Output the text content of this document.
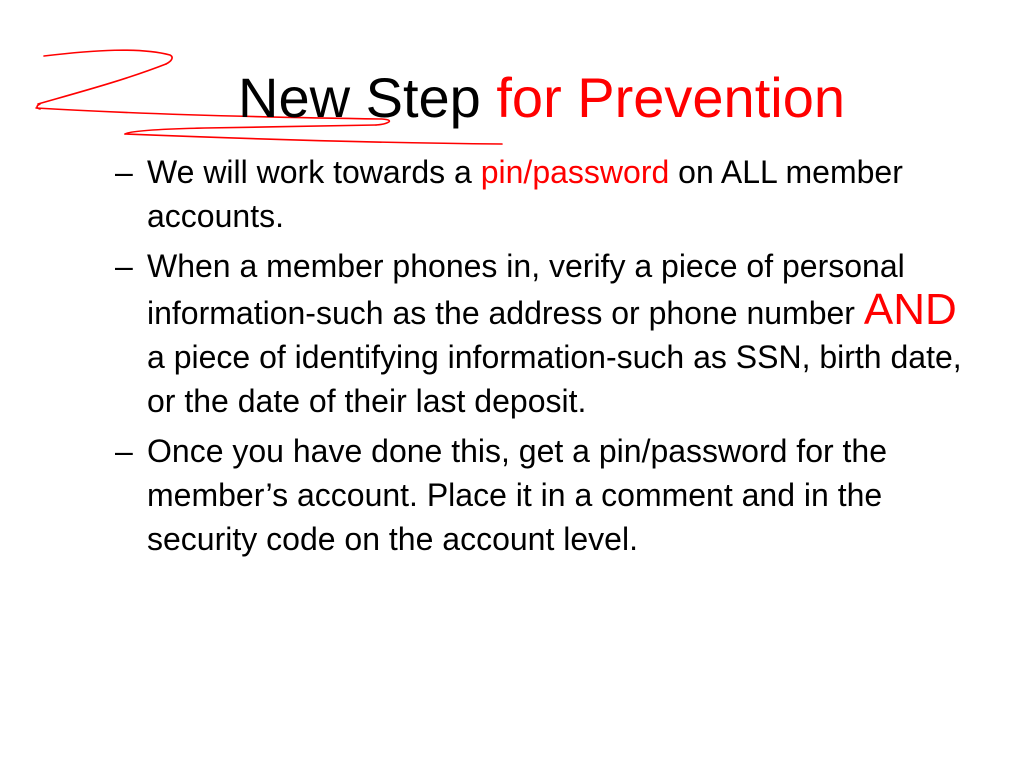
New Step for Prevention
– We will work towards a pin/password on ALL member accounts.
– When a member phones in, verify a piece of personal information-such as the address or phone number AND a piece of identifying information-such as SSN, birth date, or the date of their last deposit.
– Once you have done this, get a pin/password for the member’s account. Place it in a comment and in the security code on the account level.
